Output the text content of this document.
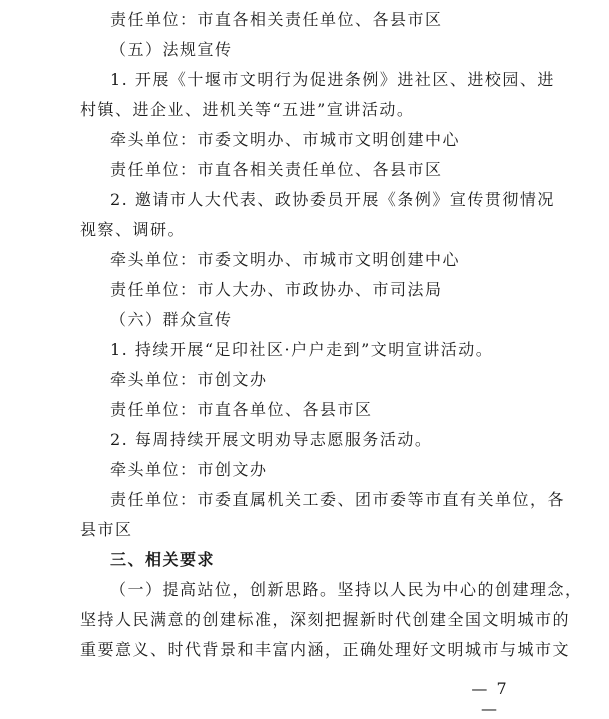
责任单位：市直各相关责任单位、各县市区
（五）法规宣传
1. 开展《十堰市文明行为促进条例》进社区、进校园、进
村镇、进企业、进机关等“五进”宣讲活动。
牵头单位：市委文明办、市城市文明创建中心
责任单位：市直各相关责任单位、各县市区
2. 邀请市人大代表、政协委员开展《条例》宣传贯彻情况
视察、调研。
牵头单位：市委文明办、市城市文明创建中心
责任单位：市人大办、市政协办、市司法局
（六）群众宣传
1. 持续开展“足印社区·户户走到”文明宣讲活动。
牵头单位：市创文办
责任单位：市直各单位、各县市区
2. 每周持续开展文明劝导志愿服务活动。
牵头单位：市创文办
责任单位：市委直属机关工委、团市委等市直有关单位，各
县市区
三、相关要求
（一）提高站位，创新思路。坚持以人民为中心的创建理念，
坚持人民满意的创建标准，深刻把握新时代创建全国文明城市的
重要意义、时代背景和丰富内涵，正确处理好文明城市与城市文
— 7 —
